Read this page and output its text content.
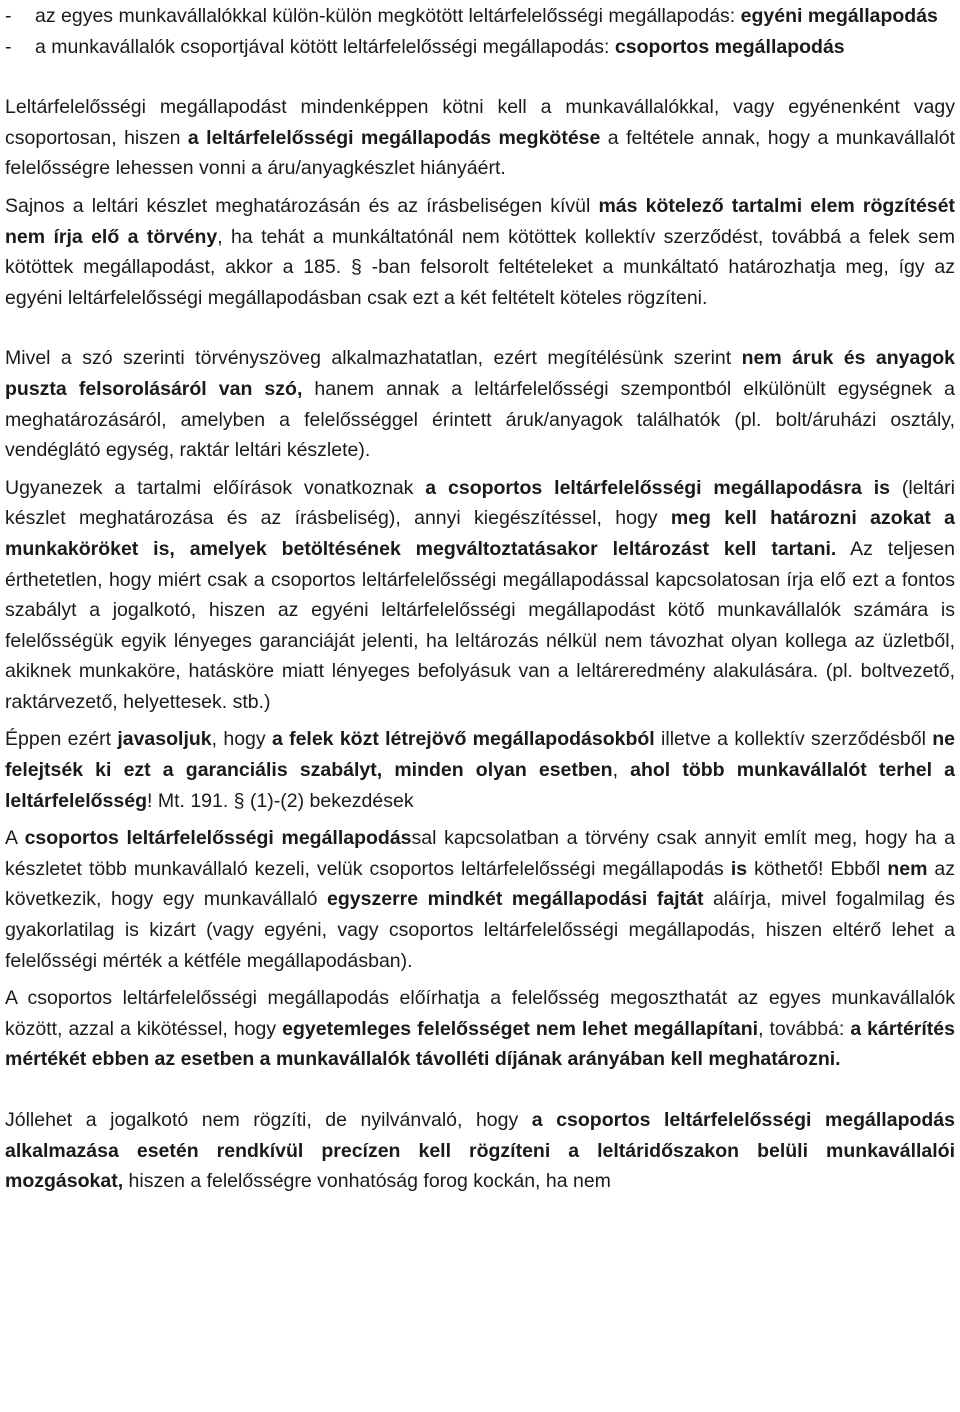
-	az egyes munkavállalókkal külön-külön megkötött leltárfelelősségi megállapodás: egyéni megállapodás
-	a munkavállalók csoportjával kötött leltárfelelősségi megállapodás: csoportos megállapodás

Leltárfelelősségi megállapodást mindenképpen kötni kell a munkavállalókkal, vagy egyénenként vagy csoportosan, hiszen a leltárfelelősségi megállapodás megkötése a feltétele annak, hogy a munkavállalót felelősségre lehessen vonni a áru/anyagkészlet hiányáért.

Sajnos a leltári készlet meghatározásán és az írásbeliségen kívül más kötelező tartalmi elem rögzítését nem írja elő a törvény, ha tehát a munkáltatónál nem kötöttek kollektív szerződést, továbbá a felek sem kötöttek megállapodást, akkor a 185. § -ban felsorolt feltételeket a munkáltató határozhatja meg, így az egyéni leltárfelelősségi megállapodásban csak ezt a két feltételt köteles rögzíteni.

Mivel a szó szerinti törvényszöveg alkalmazhatatlan, ezért megítélésünk szerint nem áruk és anyagok puszta felsorolásáról van szó, hanem annak a leltárfelelősségi szempontból elkülönült egységnek a meghatározásáról, amelyben a felelősséggel érintett áruk/anyagok találhatók (pl. bolt/áruházi osztály, vendéglátó egység, raktár leltári készlete).

Ugyanezek a tartalmi előírások vonatkoznak a csoportos leltárfelelősségi megállapodásra is (leltári készlet meghatározása és az írásbeliség), annyi kiegészítéssel, hogy meg kell határozni azokat a munkaköröket is, amelyek betöltésének megváltoztatásakor leltározást kell tartani. Az teljesen érthetetlen, hogy miért csak a csoportos leltárfelelősségi megállapodással kapcsolatosan írja elő ezt a fontos szabályt a jogalkotó, hiszen az egyéni leltárfelelősségi megállapodást kötő munkavállalók számára is felelősségük egyik lényeges garanciáját jelenti, ha leltározás nélkül nem távozhat olyan kollega az üzletből, akiknek munkaköre, hatásköre miatt lényeges befolyásuk van a leltáreredmény alakulására. (pl. boltvezető, raktárvezető, helyettesek. stb.)

Éppen ezért javasoljuk, hogy a felek közt létrejövő megállapodásokból illetve a kollektív szerződésből ne felejtsék ki ezt a garanciális szabályt, minden olyan esetben, ahol több munkavállalót terhel a leltárfelelősség! Mt. 191. § (1)-(2) bekezdések

A csoportos leltárfelelősségi megállapodással kapcsolatban a törvény csak annyit említ meg, hogy ha a készletet több munkavállaló kezeli, velük csoportos leltárfelelősségi megállapodás is köthető! Ebből nem az következik, hogy egy munkavállaló egyszerre mindkét megállapodási fajtát aláírja, mivel fogalmilag és gyakorlatilag is kizárt (vagy egyéni, vagy csoportos leltárfelelősségi megállapodás, hiszen eltérő lehet a felelősségi mérték a kétféle megállapodásban).

A csoportos leltárfelelősségi megállapodás előírhatja a felelősség megoszthatát az egyes munkavállalók között, azzal a kikötéssel, hogy egyetemleges felelősséget nem lehet megállapítani, továbbá: a kártérítés mértékét ebben az esetben a munkavállalók távolléti díjának arányában kell meghatározni.

Jóllehet a jogalkotó nem rögzíti, de nyilvánvaló, hogy a csoportos leltárfelelősségi megállapodás alkalmazása esetén rendkívül precízen kell rögzíteni a leltáridőszakon belüli munkavállalói mozgásokat, hiszen a felelősségre vonhatóság forog kockán, ha nem
